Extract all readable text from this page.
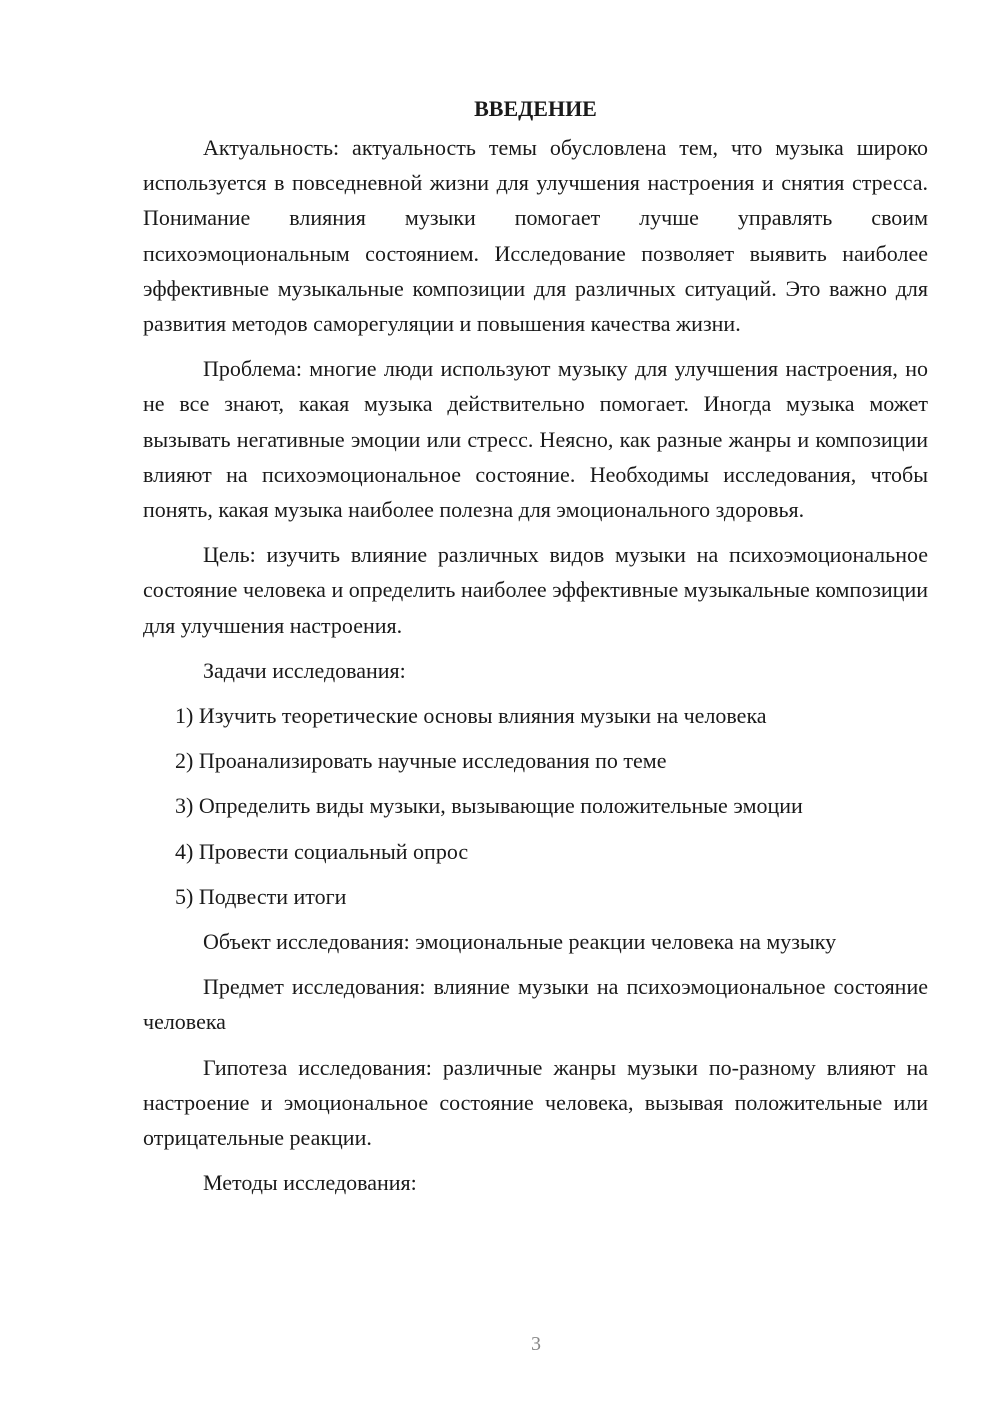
ВВЕДЕНИЕ

Актуальность: актуальность темы обусловлена тем, что музыка широко используется в повседневной жизни для улучшения настроения и снятия стресса. Понимание влияния музыки помогает лучше управлять своим психоэмоциональным состоянием. Исследование позволяет выявить наиболее эффективные музыкальные композиции для различных ситуаций. Это важно для развития методов саморегуляции и повышения качества жизни.

Проблема: многие люди используют музыку для улучшения настроения, но не все знают, какая музыка действительно помогает. Иногда музыка может вызывать негативные эмоции или стресс. Неясно, как разные жанры и композиции влияют на психоэмоциональное состояние. Необходимы исследования, чтобы понять, какая музыка наиболее полезна для эмоционального здоровья.

Цель: изучить влияние различных видов музыки на психоэмоциональное состояние человека и определить наиболее эффективные музыкальные композиции для улучшения настроения.

Задачи исследования:

1) Изучить теоретические основы влияния музыки на человека
2) Проанализировать научные исследования по теме
3) Определить виды музыки, вызывающие положительные эмоции
4) Провести социальный опрос
5) Подвести итоги

Объект исследования: эмоциональные реакции человека на музыку

Предмет исследования: влияние музыки на психоэмоциональное состояние человека

Гипотеза исследования: различные жанры музыки по-разному влияют на настроение и эмоциональное состояние человека, вызывая положительные или отрицательные реакции.

Методы исследования:

3
